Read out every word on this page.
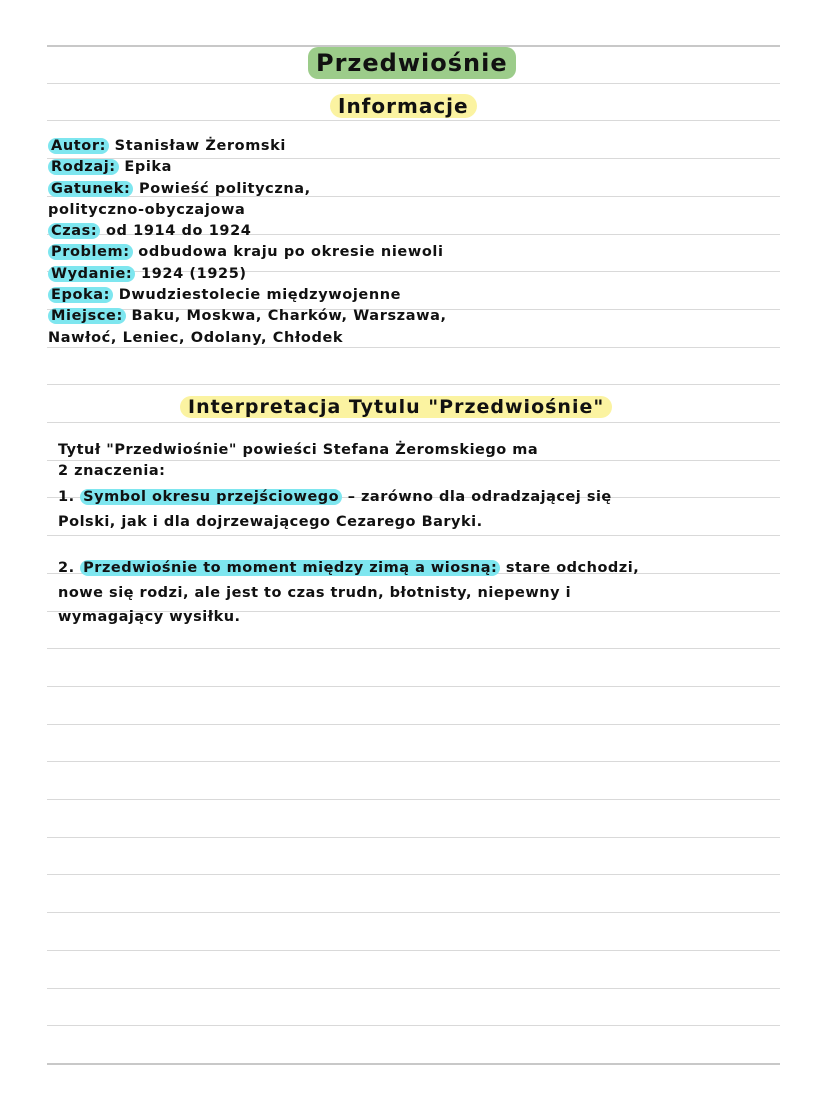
Przedwiośnie
Informacje
Autor: Stanisław Żeromski
Rodzaj: Epika
Gatunek: Powieść polityczna,
polityczno-obyczajowa
Czas: od 1914 do 1924
Problem: odbudowa kraju po okresie niewoli
Wydanie: 1924 (1925)
Epoka: Dwudziestolecie międzywojenne
Miejsce: Baku, Moskwa, Charków, Warszawa,
Nawłoć, Leniec, Odolany, Chłodek
Interpretacja Tytulu "Przedwiośnie"
Tytuł "Przedwiośnie" powieści Stefana Żeromskiego ma
2 znaczenia:
1. Symbol okresu przejściowego – zarówno dla odradzającej się
Polski, jak i dla dojrzewającego Cezarego Baryki.
2. Przedwiośnie to moment między zimą a wiosną: stare odchodzi,
nowe się rodzi, ale jest to czas trudn, błotnisty, niepewny i
wymagający wysiłku.
